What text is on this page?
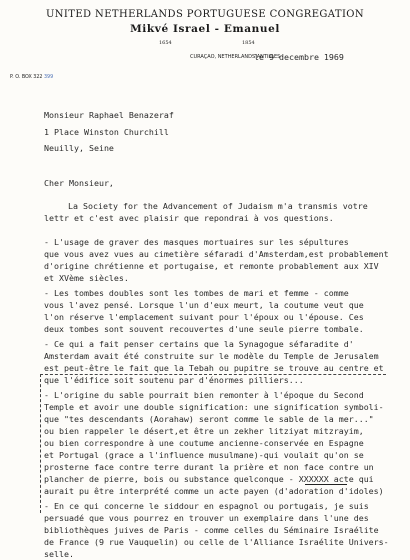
UNITED NETHERLANDS PORTUGUESE CONGREGATION
Mikvé Israel - Emanuel
1654	1854
CURAÇAO, NETHERLANDS ANTILLES
P. O. BOX 322 399
le 9 decembre 1969
Monsieur Raphael Benazeraf
1 Place Winston Churchill
Neuilly, Seine
Cher Monsieur,
La Society for the Advancement of Judaism m'a transmis votre
lettr et c'est avec plaisir que repondrai à vos questions.
- L'usage de graver des masques mortuaires sur les sépultures
que vous avez vues au cimetière séfaradi d'Amsterdam,est probablement
d'origine chrétienne et portugaise, et remonte probablement aux XIV
et XVème siècles.
- Les tombes doubles sont les tombes de mari et femme - comme
vous l'avez pensé. Lorsque l'un d'eux meurt, la coutume veut que
l'on réserve l'emplacement suivant pour l'époux ou l'épouse. Ces
deux tombes sont souvent recouvertes d'une seule pierre tombale.
- Ce qui a fait penser certains que la Synagogue séfaradite d'
Amsterdam avait été construite sur le modèle du Temple de Jerusalem
est peut-être le fait que la Tebah ou pupitre se trouve au centre et
que l'édifice soit soutenu par d'énormes pilliers...
- L'origine du sable pourrait bien remonter à l'époque du Second
Temple et avoir une double signification: une signification symboli-
que "tes descendants (Aorahaw) seront comme le sable de la mer..."
ou bien rappeler le désert,et être un zekher litziyat mitzrayim,
ou bien correspondre à une coutume ancienne-conservée en Espagne
et Portugal (grace a l'influence musulmane)-qui voulait qu'on se
prosterne face contre terre durant la prière et non face contre un
plancher de pierre, bois ou substance quelconque - XXXXXX acte qui
aurait pu être interprété comme un acte payen (d'adoration d'idoles)
- En ce qui concerne le siddour en espagnol ou portugais, je suis
persuadé que vous pourrez en trouver un exemplaire dans l'une des
bibliothèques juives de Paris - comme celles du Séminaire Israélite
de France (9 rue Vauquelin) ou celle de l'Alliance Israélite Univers-
selle.
